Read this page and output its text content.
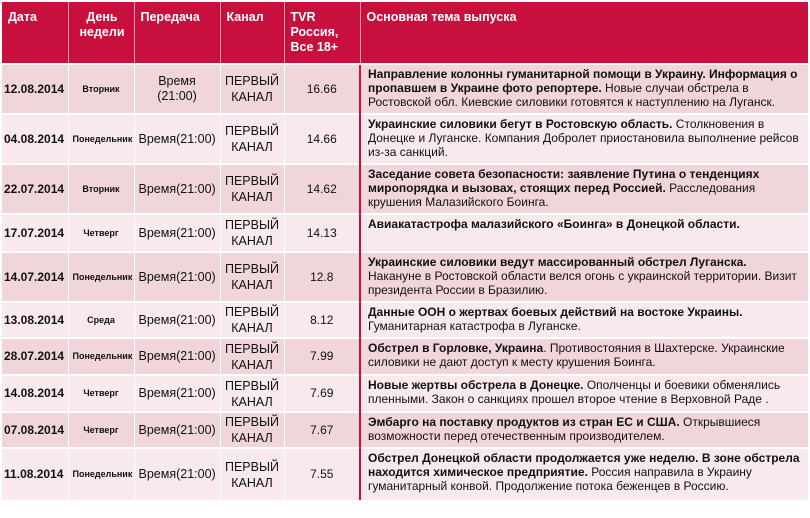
Дата	День недели	Передача	Канал	TVR Россия, Все 18+	Основная тема выпуска
12.08.2014	Вторник	Время (21:00)	ПЕРВЫЙ КАНАЛ	16.66	Направление колонны гуманитарной помощи в Украину. Информация о пропавшем в Украине фото репортере. Новые случаи обстрела в Ростовской обл. Киевские силовики готовятся к наступлению на Луганск.
04.08.2014	Понедельник	Время(21:00)	ПЕРВЫЙ КАНАЛ	14.66	Украинские силовики бегут в Ростовскую область. Столкновения в Донецке и Луганске. Компания Добролет приостановила выполнение рейсов из-за санкций.
22.07.2014	Вторник	Время(21:00)	ПЕРВЫЙ КАНАЛ	14.62	Заседание совета безопасности: заявление Путина о тенденциях миропорядка и вызовах, стоящих перед Россией. Расследования крушения Малазийского Боинга.
17.07.2014	Четверг	Время(21:00)	ПЕРВЫЙ КАНАЛ	14.13	Авиакатастрофа малазийского «Боинга» в Донецкой области.
14.07.2014	Понедельник	Время(21:00)	ПЕРВЫЙ КАНАЛ	12.8	Украинские силовики ведут массированный обстрел Луганска. Накануне в Ростовской области велся огонь с украинской территории. Визит президента России в Бразилию.
13.08.2014	Среда	Время(21:00)	ПЕРВЫЙ КАНАЛ	8.12	Данные ООН о жертвах боевых действий на востоке Украины. Гуманитарная катастрофа в Луганске.
28.07.2014	Понедельник	Время(21:00)	ПЕРВЫЙ КАНАЛ	7.99	Обстрел в Горловке, Украина. Противостояния в Шахтерске. Украинские силовики не дают доступ к месту крушения Боинга.
14.08.2014	Четверг	Время(21:00)	ПЕРВЫЙ КАНАЛ	7.69	Новые жертвы обстрела в Донецке. Ополченцы и боевики обменялись пленными. Закон о санкциях прошел второе чтение в Верховной Раде .
07.08.2014	Четверг	Время(21:00)	ПЕРВЫЙ КАНАЛ	7.67	Эмбарго на поставку продуктов из стран ЕС и США. Открывшиеся возможности перед отечественным производителем.
11.08.2014	Понедельник	Время(21:00)	ПЕРВЫЙ КАНАЛ	7.55	Обстрел Донецкой области продолжается уже неделю. В зоне обстрела находится химическое предприятие. Россия направила в Украину гуманитарный конвой. Продолжение потока беженцев в Россию.
